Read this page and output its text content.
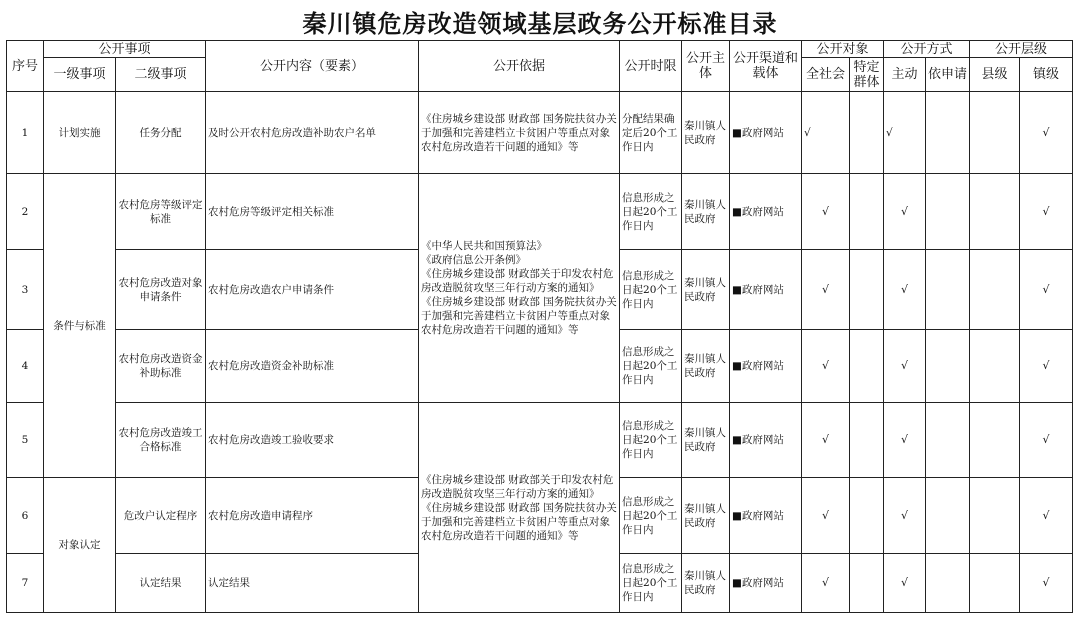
秦川镇危房改造领域基层政务公开标准目录
序号	公开事项		公开内容（要素）	公开依据	公开时限	公开主体	公开渠道和载体	公开对象		公开方式		公开层级	
	一级事项	二级事项						全社会	特定群体	主动	依申请	县级	镇级
1	计划实施	任务分配	及时公开农村危房改造补助农户名单	《住房城乡建设部 财政部 国务院扶贫办关于加强和完善建档立卡贫困户等重点对象农村危房改造若干问题的通知》等	分配结果确定后20个工作日内	秦川镇人民政府	■政府网站	√		√			√
2	条件与标准	农村危房等级评定标准	农村危房等级评定相关标准	《中华人民共和国预算法》
《政府信息公开条例》
《住房城乡建设部 财政部关于印发农村危房改造脱贫攻坚三年行动方案的通知》
《住房城乡建设部 财政部 国务院扶贫办关于加强和完善建档立卡贫困户等重点对象农村危房改造若干问题的通知》等	信息形成之日起20个工作日内	秦川镇人民政府	■政府网站	√		√			√
3		农村危房改造对象申请条件	农村危房改造农户申请条件		信息形成之日起20个工作日内	秦川镇人民政府	■政府网站	√		√			√
4		农村危房改造资金补助标准	农村危房改造资金补助标准		信息形成之日起20个工作日内	秦川镇人民政府	■政府网站	√		√			√
5		农村危房改造竣工合格标准	农村危房改造竣工验收要求	《住房城乡建设部 财政部关于印发农村危房改造脱贫攻坚三年行动方案的通知》
《住房城乡建设部 财政部 国务院扶贫办关于加强和完善建档立卡贫困户等重点对象农村危房改造若干问题的通知》等	信息形成之日起20个工作日内	秦川镇人民政府	■政府网站	√		√			√
6	对象认定	危改户认定程序	农村危房改造申请程序		信息形成之日起20个工作日内	秦川镇人民政府	■政府网站	√		√			√
7		认定结果	认定结果		信息形成之日起20个工作日内	秦川镇人民政府	■政府网站	√		√			√
